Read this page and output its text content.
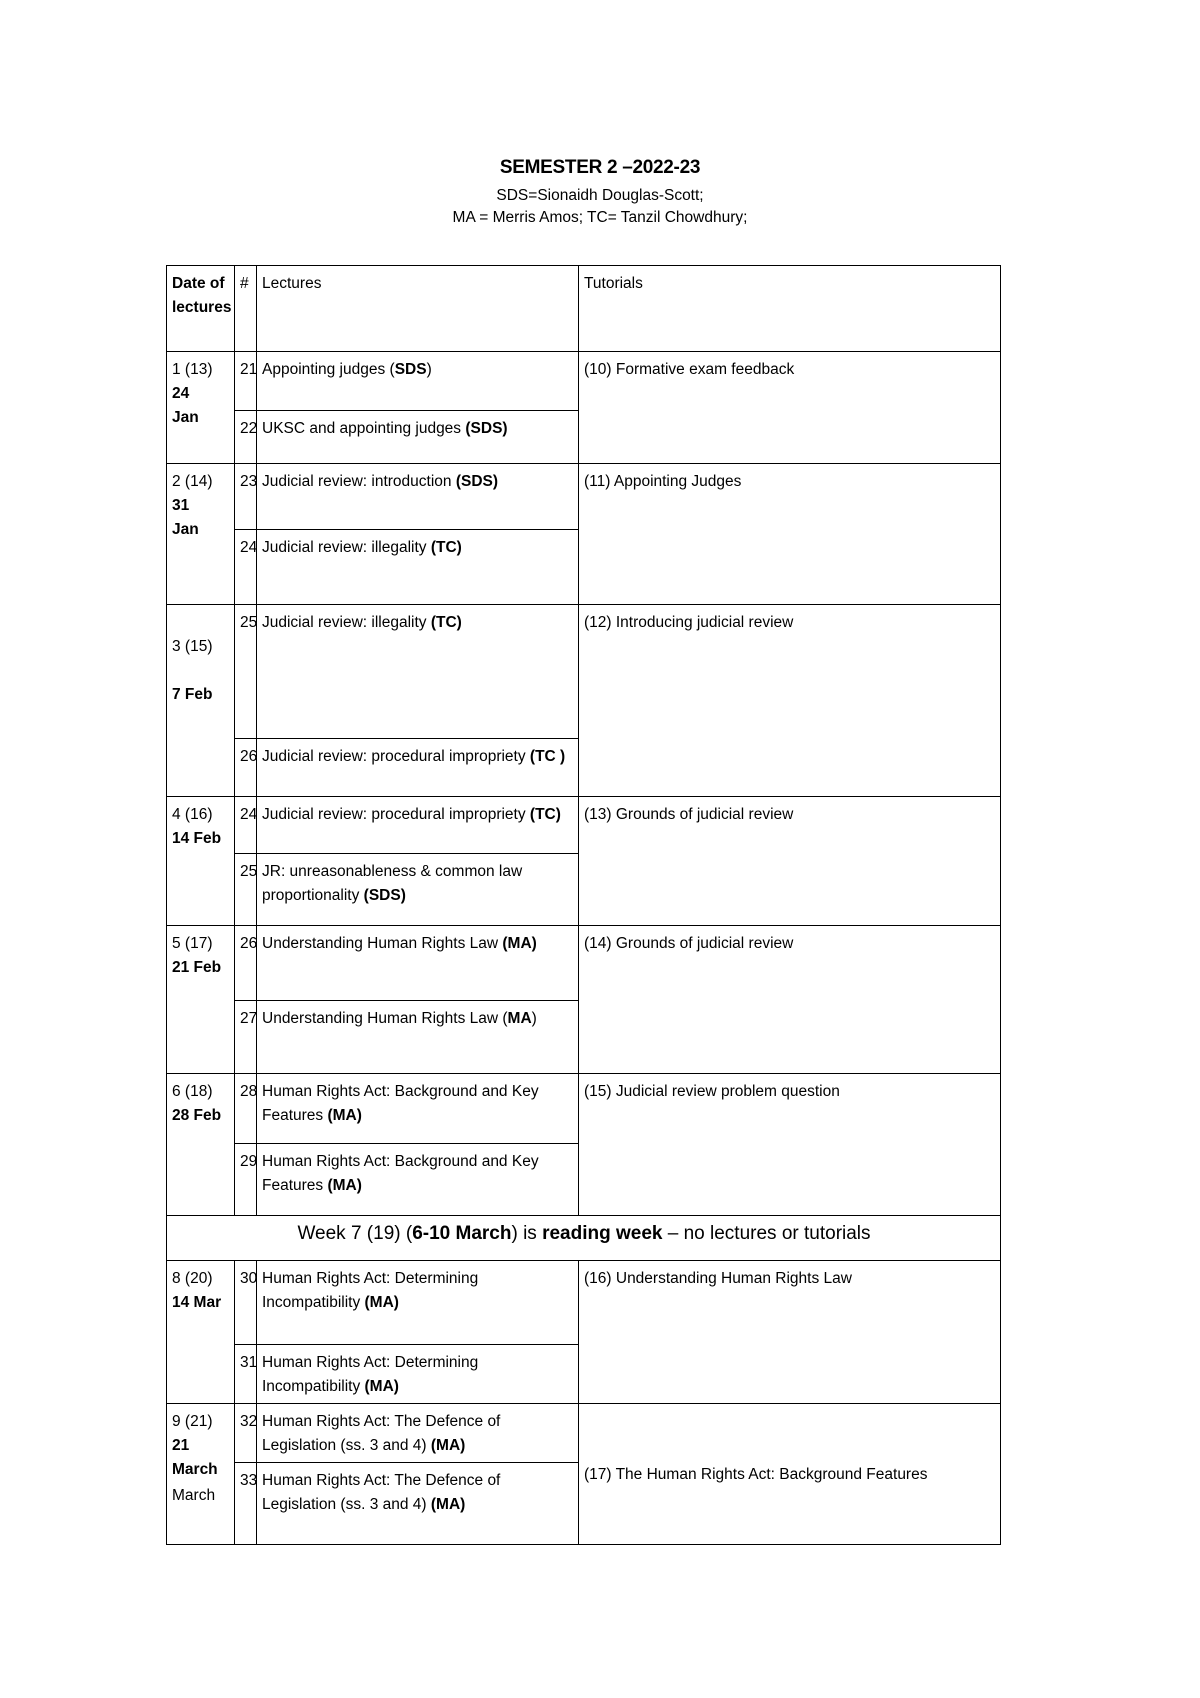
SEMESTER 2 –2022-23

SDS=Sionaidh Douglas-Scott;
MA = Merris Amos; TC= Tanzil Chowdhury;

Date of lectures	#	Lectures	Tutorials

1 (13)
24 Jan	21	Appointing judges (SDS)	(10) Formative exam feedback
	22	UKSC and appointing judges (SDS)	

2 (14)
31 Jan	23	Judicial review: introduction (SDS)	(11) Appointing Judges
	24	Judicial review: illegality (TC)	

3 (15)
7 Feb	25	Judicial review: illegality (TC)	(12) Introducing judicial review
	26	Judicial review: procedural impropriety (TC )	

4 (16)
14 Feb	24	Judicial review: procedural impropriety (TC)	(13) Grounds of judicial review
	25	JR: unreasonableness & common law proportionality (SDS)	

5 (17)
21 Feb	26	Understanding Human Rights Law (MA)	(14) Grounds of judicial review
	27	Understanding Human Rights Law (MA)	

6 (18)
28 Feb	28	Human Rights Act: Background and Key Features (MA)	(15) Judicial review problem question
	29	Human Rights Act: Background and Key Features (MA)	
Week 7 (19) (6-10 March) is reading week – no lectures or tutorials			

8 (20)
14 Mar	30	Human Rights Act: Determining Incompatibility (MA)	(16) Understanding Human Rights Law
	31	Human Rights Act: Determining Incompatibility (MA)	

9 (21)
21 March
March	32	Human Rights Act: The Defence of Legislation (ss. 3 and 4) (MA)	(17) The Human Rights Act: Background Features
	33	Human Rights Act: The Defence of Legislation (ss. 3 and 4) (MA)	
